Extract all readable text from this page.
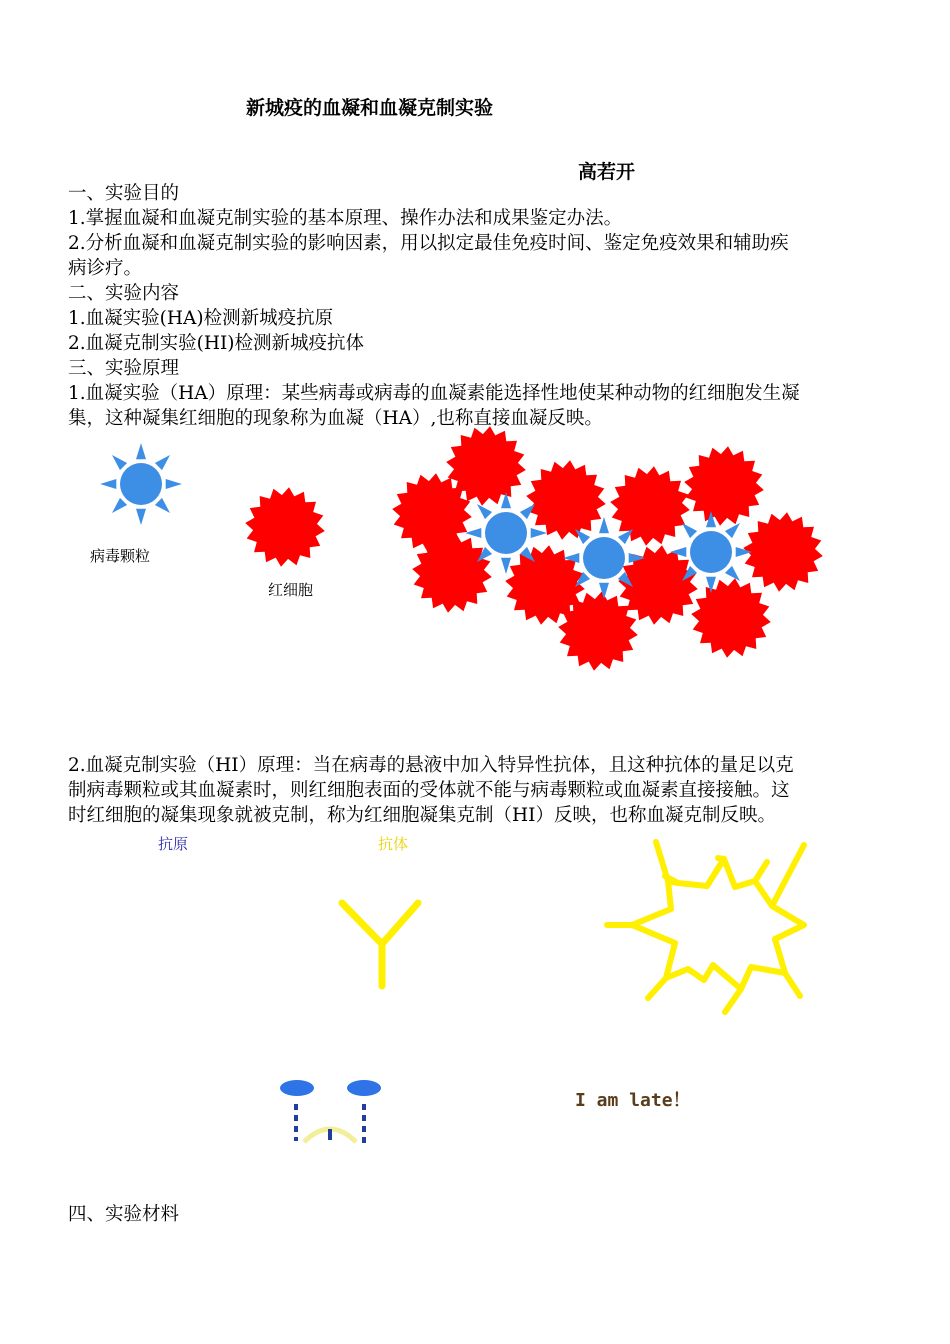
新城疫的血凝和血凝克制实验
高若开
一、实验目的
1.掌握血凝和血凝克制实验的基本原理、操作办法和成果鉴定办法。
2.分析血凝和血凝克制实验的影响因素，用以拟定最佳免疫时间、鉴定免疫效果和辅助疾
病诊疗。
二、实验内容
1.血凝实验(HA)检测新城疫抗原
2.血凝克制实验(HI)检测新城疫抗体
三、实验原理
1.血凝实验（HA）原理：某些病毒或病毒的血凝素能选择性地使某种动物的红细胞发生凝
集，这种凝集红细胞的现象称为血凝（HA）,也称直接血凝反映。
2.血凝克制实验（HI）原理：当在病毒的悬液中加入特异性抗体，且这种抗体的量足以克
制病毒颗粒或其血凝素时，则红细胞表面的受体就不能与病毒颗粒或血凝素直接接触。这
时红细胞的凝集现象就被克制，称为红细胞凝集克制（HI）反映，也称血凝克制反映。
四、实验材料
病毒颗粒
红细胞
抗原	抗体
I am late！
